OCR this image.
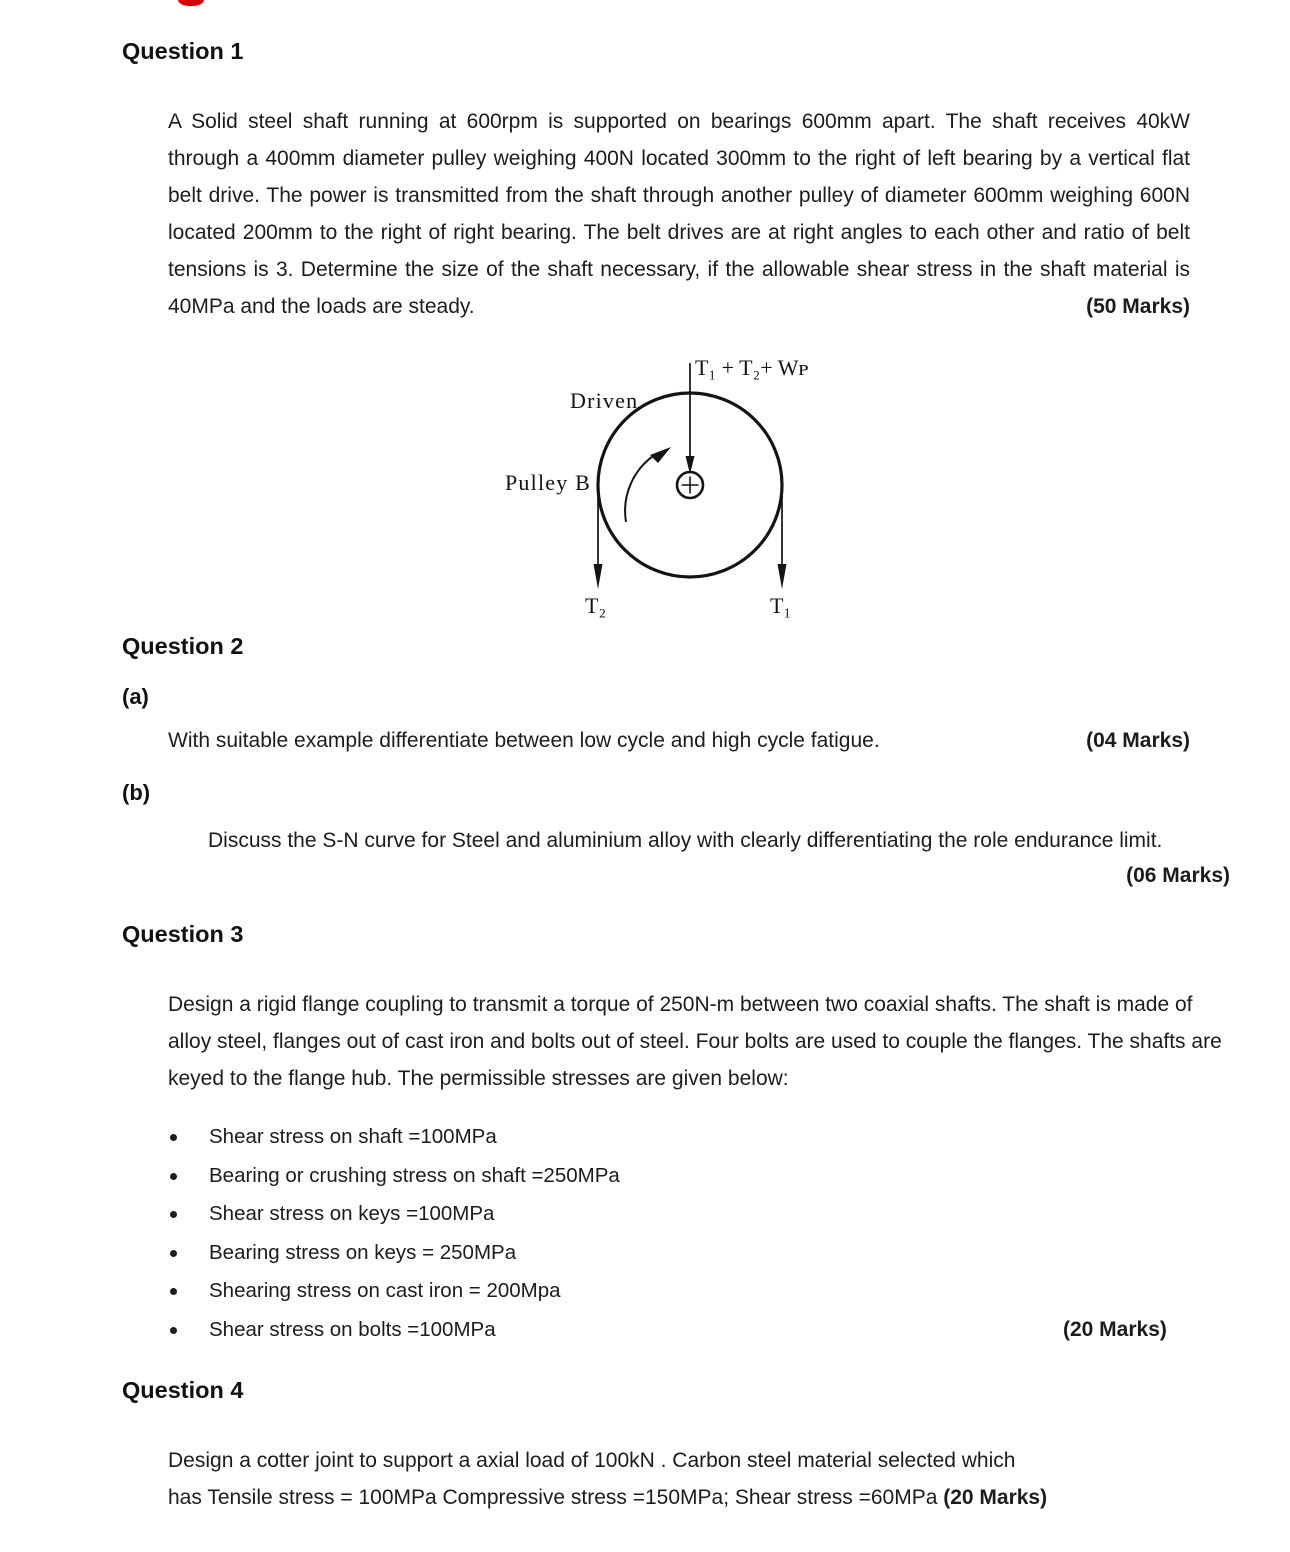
Question 1
A Solid steel shaft running at 600rpm is supported on bearings 600mm apart. The shaft receives 40kW through a 400mm diameter pulley weighing 400N located 300mm to the right of left bearing by a vertical flat belt drive. The power is transmitted from the shaft through another pulley of diameter 600mm weighing 600N located 200mm to the right of right bearing. The belt drives are at right angles to each other and ratio of belt tensions is 3. Determine the size of the shaft necessary, if the allowable shear stress in the shaft material is 40MPa and the loads are steady.	(50 Marks)
T₁ + T₂+ Wᴘ
Driven
Pulley B
T₂	T₁
Question 2
(a)
With suitable example differentiate between low cycle and high cycle fatigue.	(04 Marks)
(b)
Discuss the S-N curve for Steel and aluminium alloy with clearly differentiating the role endurance limit.
(06 Marks)
Question 3
Design a rigid flange coupling to transmit a torque of 250N-m between two coaxial shafts. The shaft is made of alloy steel, flanges out of cast iron and bolts out of steel. Four bolts are used to couple the flanges. The shafts are keyed to the flange hub. The permissible stresses are given below:
Shear stress on shaft =100MPa
Bearing or crushing stress on shaft =250MPa
Shear stress on keys =100MPa
Bearing stress on keys = 250MPa
Shearing stress on cast iron = 200Mpa
Shear stress on bolts =100MPa	(20 Marks)
Question 4
Design a cotter joint to support a axial load of 100kN . Carbon steel material selected which
has Tensile stress = 100MPa Compressive stress =150MPa; Shear stress =60MPa (20 Marks)
